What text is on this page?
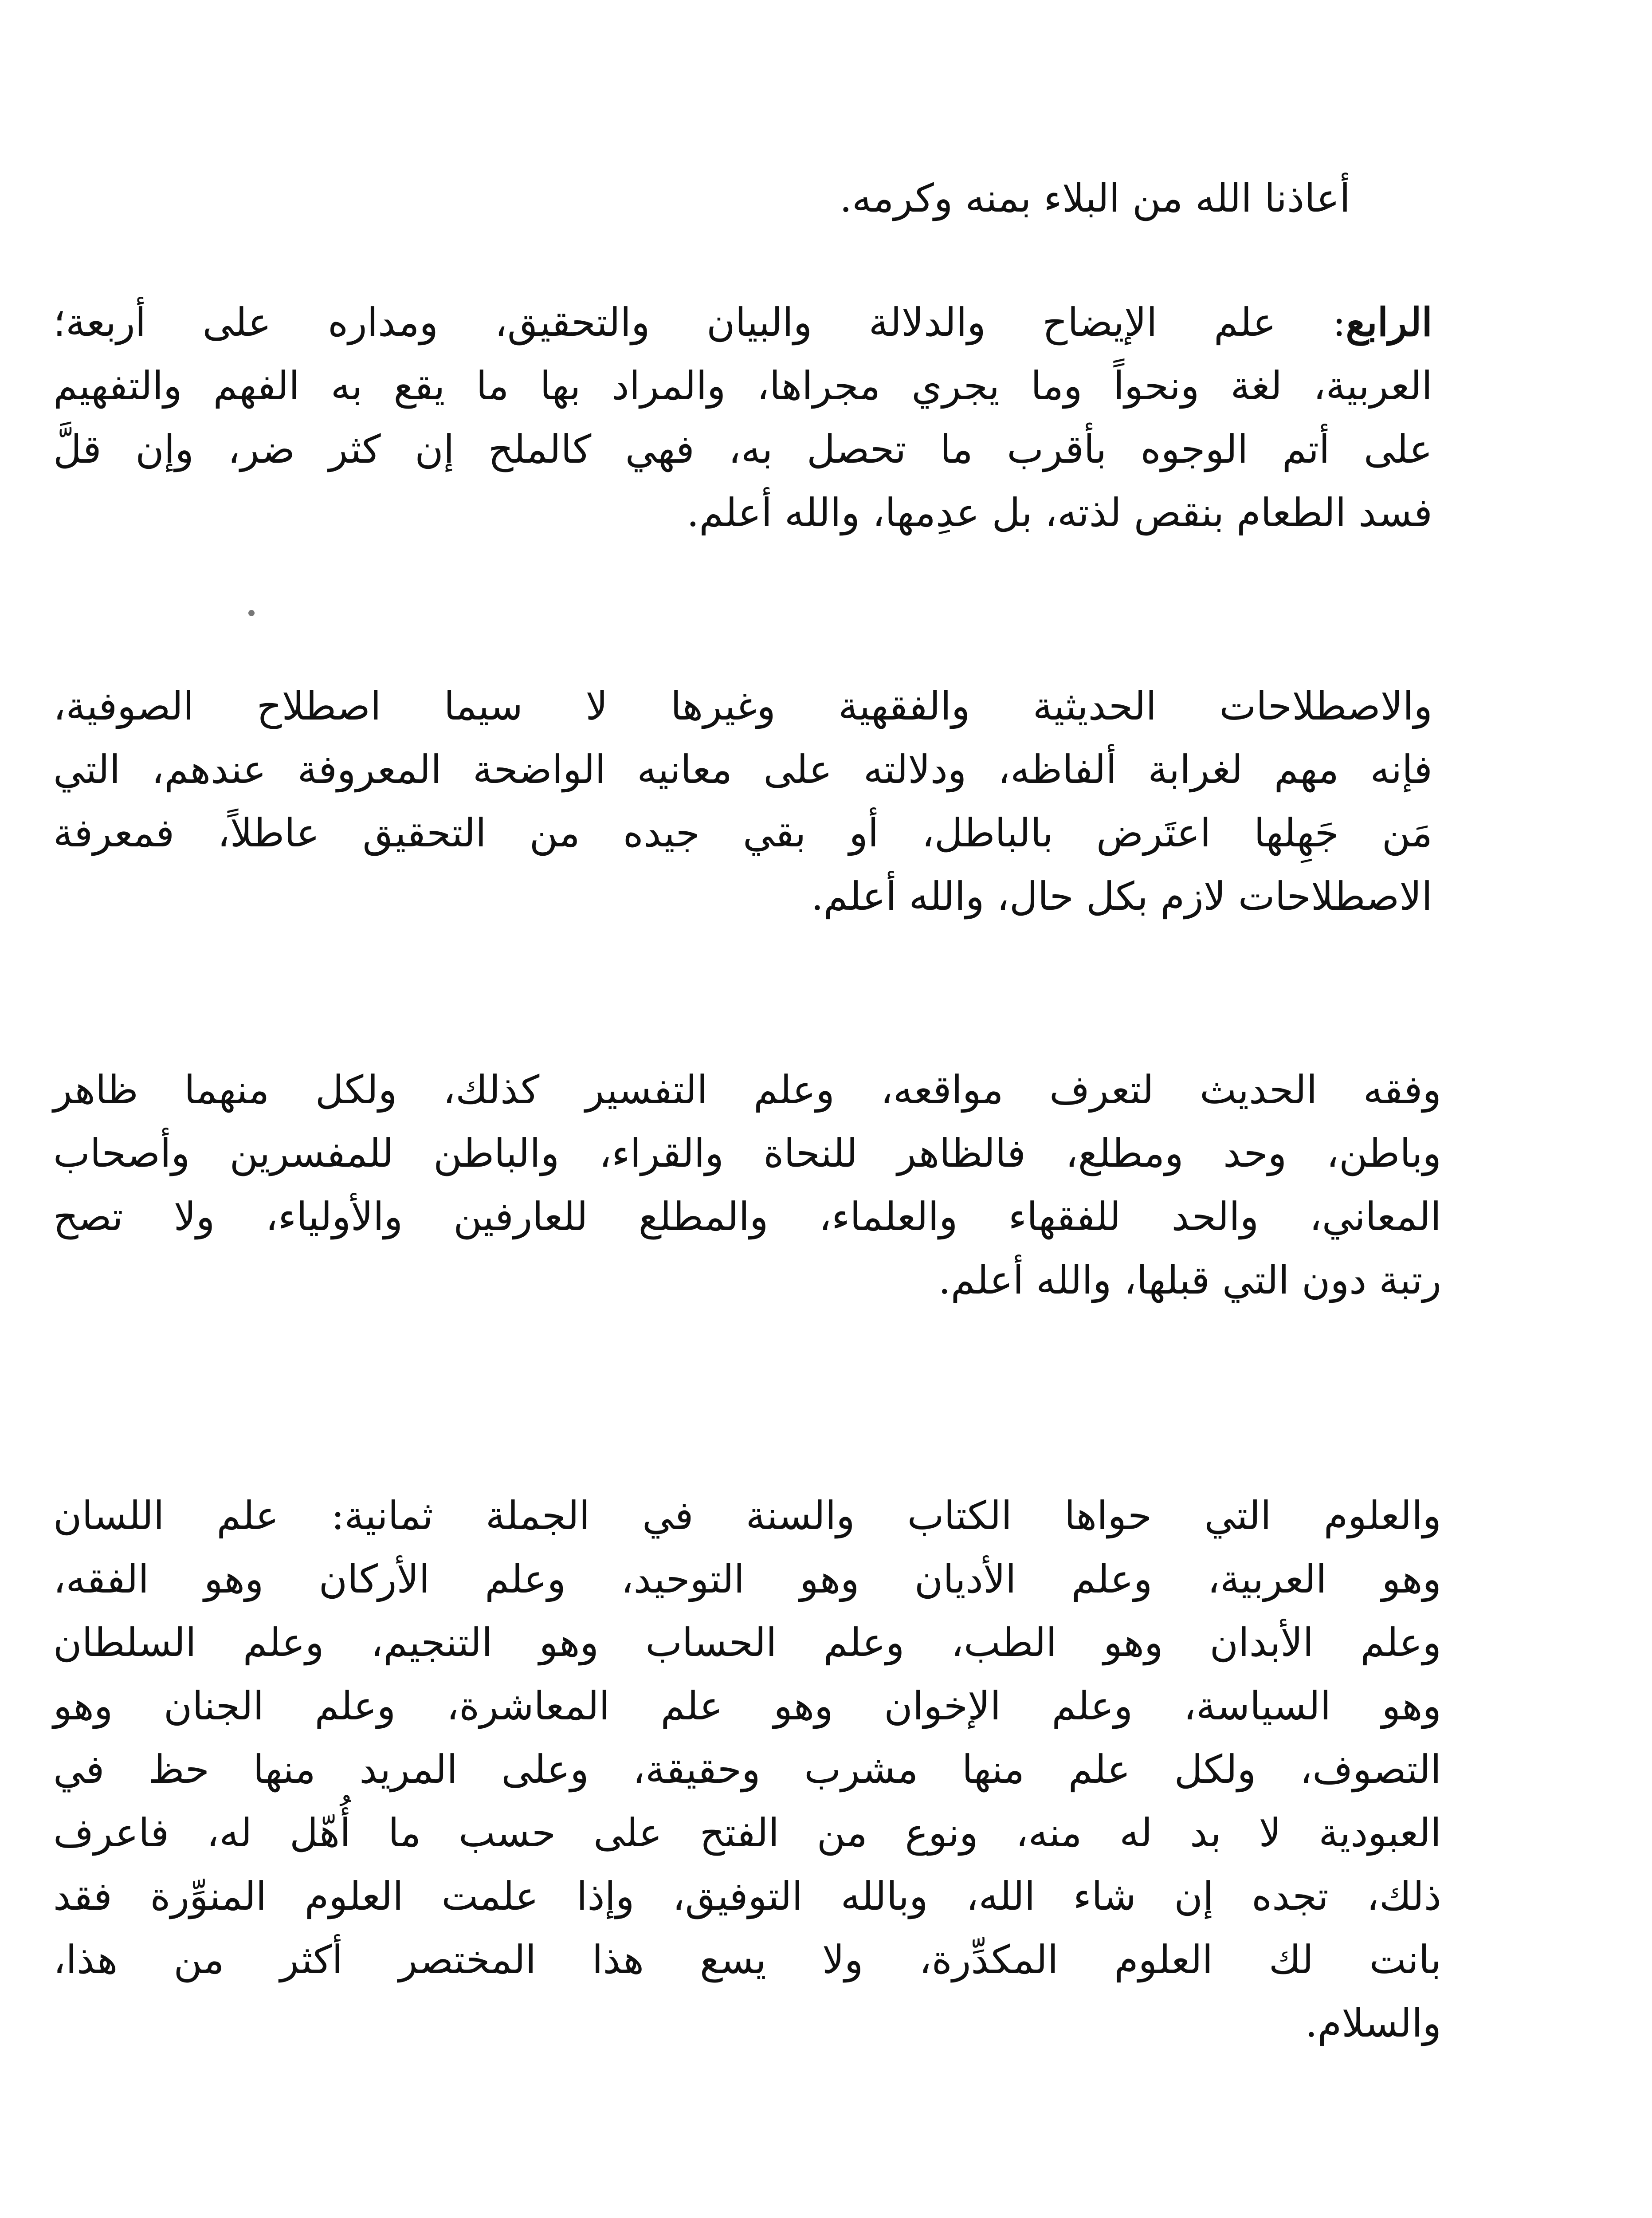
أعاذنا الله من البلاء بمنه وكرمه.
الرابع: علم الإيضاح والدلالة والبيان والتحقيق، ومداره على أربعة؛
العربية، لغة ونحواً وما يجري مجراها، والمراد بها ما يقع به الفهم والتفهيم
على أتم الوجوه بأقرب ما تحصل به، فهي كالملح إن كثر ضر، وإن قلَّ
فسد الطعام بنقص لذته، بل عدِمها، والله أعلم.
والاصطلاحات الحديثية والفقهية وغيرها لا سيما اصطلاح الصوفية،
فإنه مهم لغرابة ألفاظه، ودلالته على معانيه الواضحة المعروفة عندهم، التي
مَن جَهِلها اعتَرض بالباطل، أو بقي جيده من التحقيق عاطلاً، فمعرفة
الاصطلاحات لازم بكل حال، والله أعلم.
وفقه الحديث لتعرف مواقعه، وعلم التفسير كذلك، ولكل منهما ظاهر
وباطن، وحد ومطلع، فالظاهر للنحاة والقراء، والباطن للمفسرين وأصحاب
المعاني، والحد للفقهاء والعلماء، والمطلع للعارفين والأولياء، ولا تصح
رتبة دون التي قبلها، والله أعلم.
والعلوم التي حواها الكتاب والسنة في الجملة ثمانية: علم اللسان
وهو العربية، وعلم الأديان وهو التوحيد، وعلم الأركان وهو الفقه،
وعلم الأبدان وهو الطب، وعلم الحساب وهو التنجيم، وعلم السلطان
وهو السياسة، وعلم الإخوان وهو علم المعاشرة، وعلم الجنان وهو
التصوف، ولكل علم منها مشرب وحقيقة، وعلى المريد منها حظ في
العبودية لا بد له منه، ونوع من الفتح على حسب ما أُهّل له، فاعرف
ذلك، تجده إن شاء الله، وبالله التوفيق، وإذا علمت العلوم المنوِّرة فقد
بانت لك العلوم المكدِّرة، ولا يسع هذا المختصر أكثر من هذا،
والسلام.
